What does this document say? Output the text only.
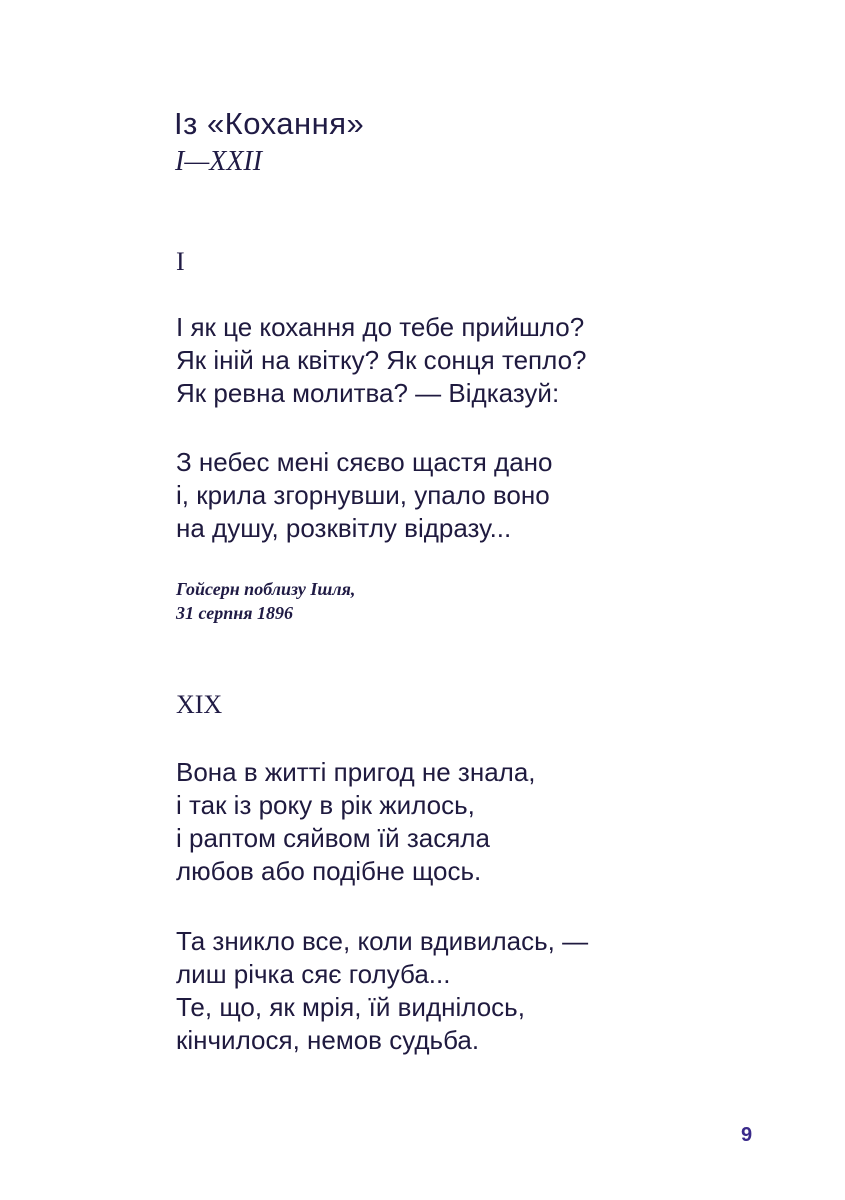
Із «Кохання»
I—XXII
I
І як це кохання до тебе прийшло?
Як іній на квітку? Як сонця тепло?
Як ревна молитва? — Відказуй:
З небес мені сяєво щастя дано
і, крила згорнувши, упало воно
на душу, розквітлу відразу...
Гойсерн поблизу Ішля,
31 серпня 1896
XIX
Вона в житті пригод не знала,
і так із року в рік жилось,
і раптом сяйвом їй засяла
любов або подібне щось.
Та зникло все, коли вдивилась, —
лиш річка сяє голуба...
Те, що, як мрія, їй виднілось,
кінчилося, немов судьба.
9
